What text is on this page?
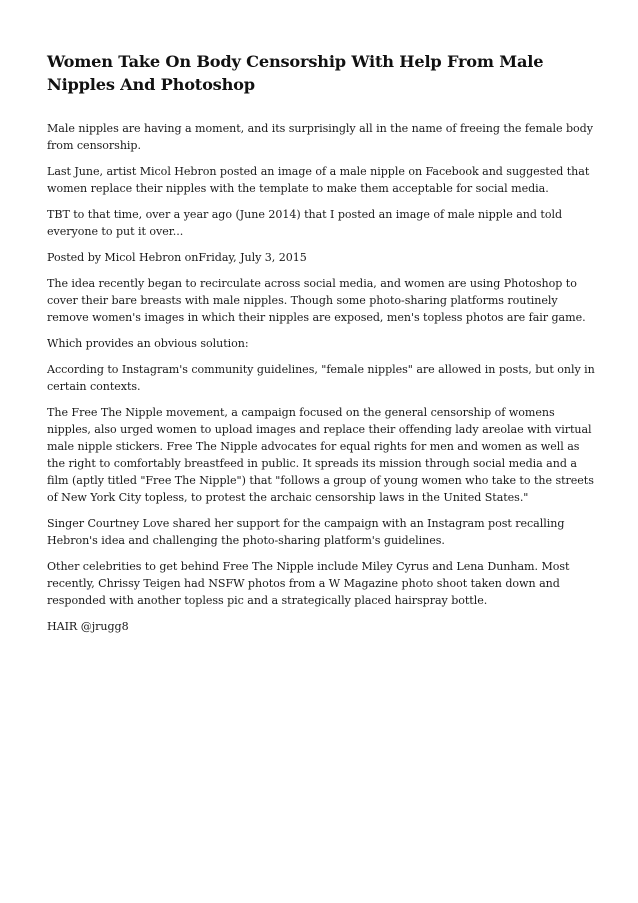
Women Take On Body Censorship With Help From Male Nipples And Photoshop

Male nipples are having a moment, and its surprisingly all in the name of freeing the female body from censorship.

Last June, artist Micol Hebron posted an image of a male nipple on Facebook and suggested that women replace their nipples with the template to make them acceptable for social media.

TBT to that time, over a year ago (June 2014) that I posted an image of male nipple and told everyone to put it over...

Posted by Micol Hebron onFriday, July 3, 2015

The idea recently began to recirculate across social media, and women are using Photoshop to cover their bare breasts with male nipples. Though some photo-sharing platforms routinely remove women's images in which their nipples are exposed, men's topless photos are fair game.

Which provides an obvious solution:

According to Instagram's community guidelines, "female nipples" are allowed in posts, but only in certain contexts.

The Free The Nipple movement, a campaign focused on the general censorship of womens nipples, also urged women to upload images and replace their offending lady areolae with virtual male nipple stickers. Free The Nipple advocates for equal rights for men and women as well as the right to comfortably breastfeed in public. It spreads its mission through social media and a film (aptly titled "Free The Nipple") that "follows a group of young women who take to the streets of New York City topless, to protest the archaic censorship laws in the United States."

Singer Courtney Love shared her support for the campaign with an Instagram post recalling Hebron's idea and challenging the photo-sharing platform's guidelines.

Other celebrities to get behind Free The Nipple include Miley Cyrus and Lena Dunham. Most recently, Chrissy Teigen had NSFW photos from a W Magazine photo shoot taken down and responded with another topless pic and a strategically placed hairspray bottle.

HAIR @jrugg8
